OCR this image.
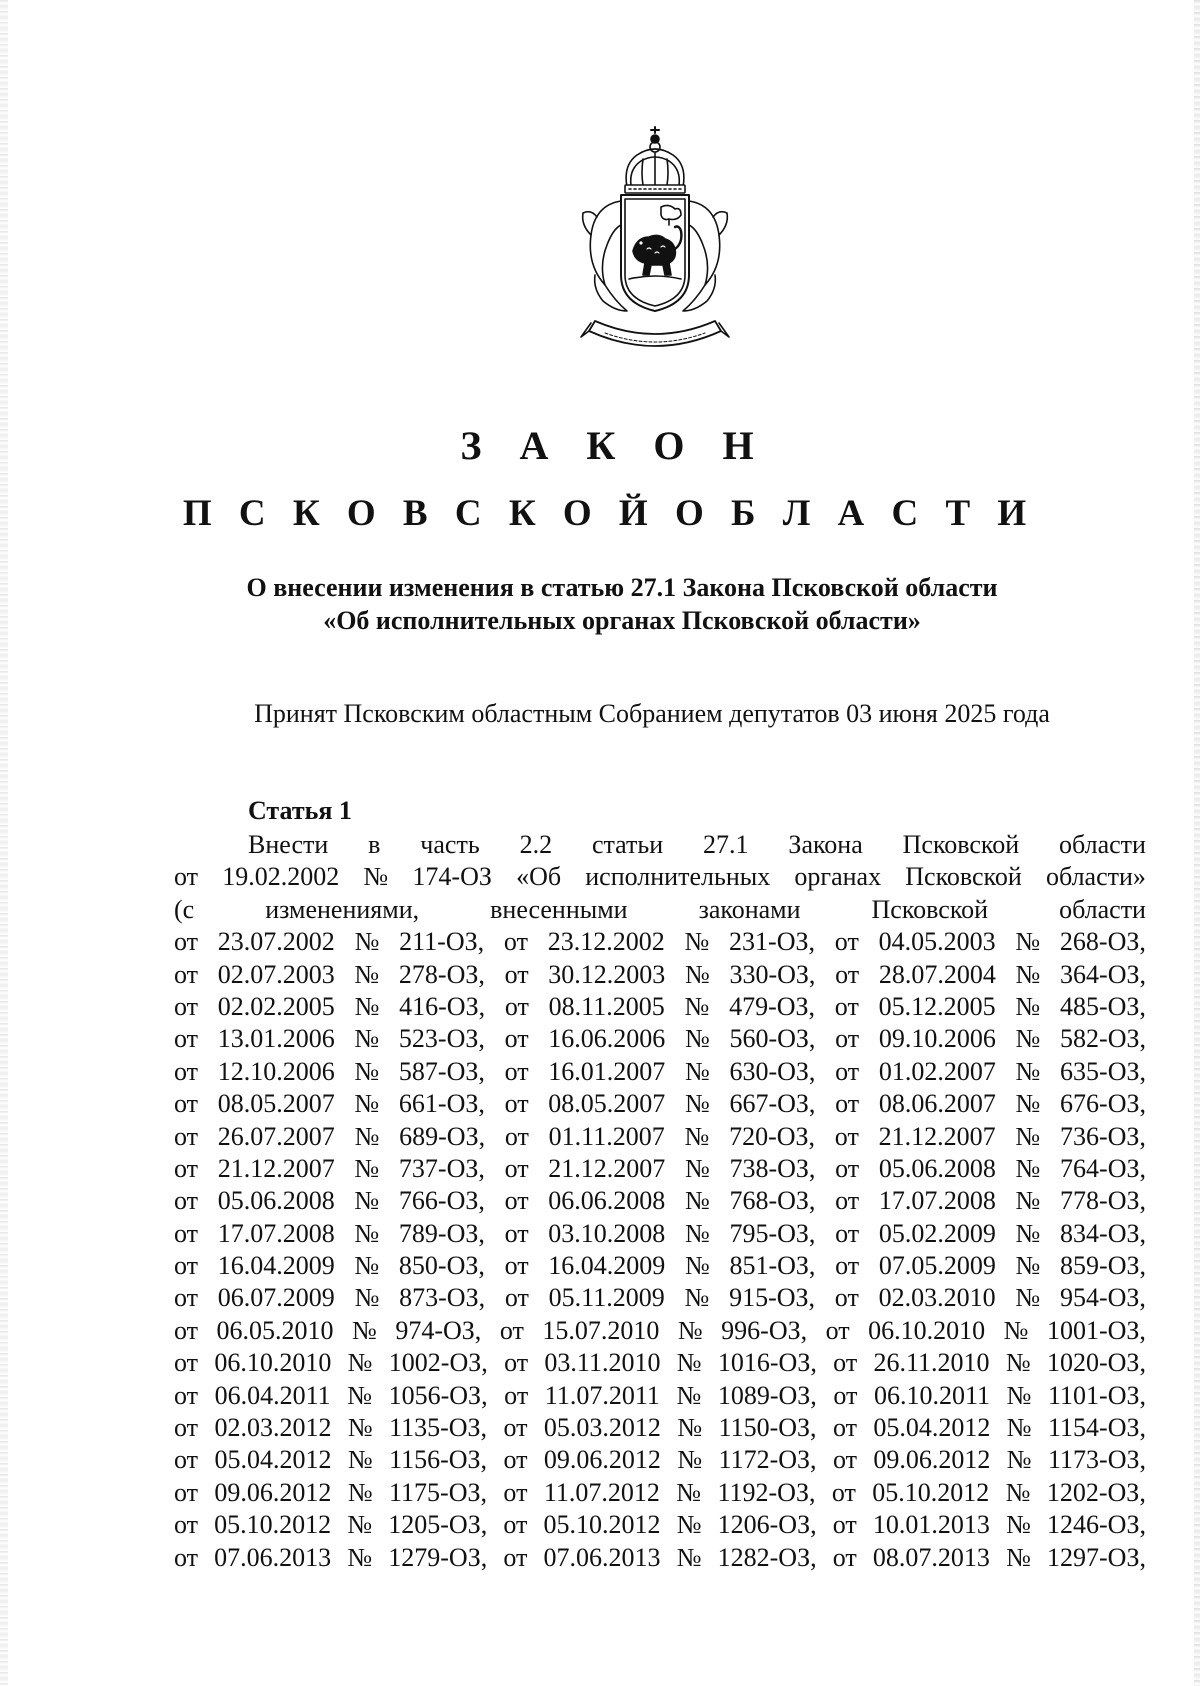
З А К О Н
П С К О В С К О Й О Б Л А С Т И

О внесении изменения в статью 27.1 Закона Псковской области

«Об исполнительных органах Псковской области»

Принят Псковским областным Собранием депутатов 03 июня 2025 года

Статья 1
Внести в часть 2.2 статьи 27.1 Закона Псковской области
от 19.02.2002 № 174-ОЗ «Об исполнительных органах Псковской области»
(с	изменениями,	внесенными	законами	Псковской	области
от 23.07.2002 № 211-ОЗ, от 23.12.2002 № 231-ОЗ, от 04.05.2003 № 268-ОЗ,
от 02.07.2003 № 278-ОЗ, от 30.12.2003 № 330-ОЗ, от 28.07.2004 № 364-ОЗ,
от 02.02.2005 № 416-ОЗ, от 08.11.2005 № 479-ОЗ, от 05.12.2005 № 485-ОЗ,
от 13.01.2006 № 523-ОЗ, от 16.06.2006 № 560-ОЗ, от 09.10.2006 № 582-ОЗ,
от 12.10.2006 № 587-ОЗ, от 16.01.2007 № 630-ОЗ, от 01.02.2007 № 635-ОЗ,
от 08.05.2007 № 661-ОЗ, от 08.05.2007 № 667-ОЗ, от 08.06.2007 № 676-ОЗ,
от 26.07.2007 № 689-ОЗ, от 01.11.2007 № 720-ОЗ, от 21.12.2007 № 736-ОЗ,
от 21.12.2007 № 737-ОЗ, от 21.12.2007 № 738-ОЗ, от 05.06.2008 № 764-ОЗ,
от 05.06.2008 № 766-ОЗ, от 06.06.2008 № 768-ОЗ, от 17.07.2008 № 778-ОЗ,
от 17.07.2008 № 789-ОЗ, от 03.10.2008 № 795-ОЗ, от 05.02.2009 № 834-ОЗ,
от 16.04.2009 № 850-ОЗ, от 16.04.2009 № 851-ОЗ, от 07.05.2009 № 859-ОЗ,
от 06.07.2009 № 873-ОЗ, от 05.11.2009 № 915-ОЗ, от 02.03.2010 № 954-ОЗ,
от 06.05.2010 № 974-ОЗ, от 15.07.2010 № 996-ОЗ, от 06.10.2010 № 1001-ОЗ,
от 06.10.2010 № 1002-ОЗ, от 03.11.2010 № 1016-ОЗ, от 26.11.2010 № 1020-ОЗ,
от 06.04.2011 № 1056-ОЗ, от 11.07.2011 № 1089-ОЗ, от 06.10.2011 № 1101-ОЗ,
от 02.03.2012 № 1135-ОЗ, от 05.03.2012 № 1150-ОЗ, от 05.04.2012 № 1154-ОЗ,
от 05.04.2012 № 1156-ОЗ, от 09.06.2012 № 1172-ОЗ, от 09.06.2012 № 1173-ОЗ,
от 09.06.2012 № 1175-ОЗ, от 11.07.2012 № 1192-ОЗ, от 05.10.2012 № 1202-ОЗ,
от 05.10.2012 № 1205-ОЗ, от 05.10.2012 № 1206-ОЗ, от 10.01.2013 № 1246-ОЗ,
от 07.06.2013 № 1279-ОЗ, от 07.06.2013 № 1282-ОЗ, от 08.07.2013 № 1297-ОЗ,
